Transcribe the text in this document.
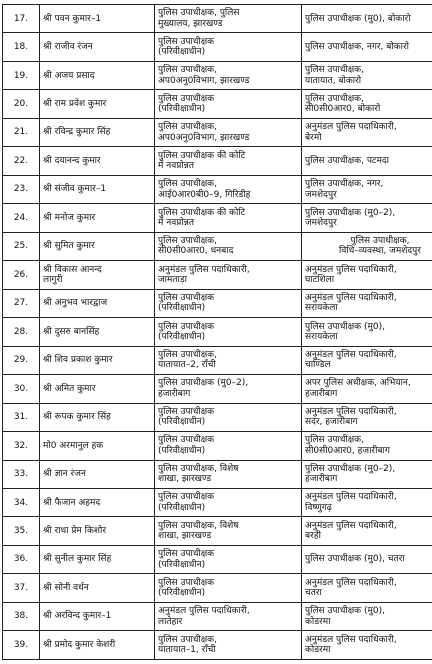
17.	श्री पवन कुमार–1	पुलिस उपाधीक्षक, पुलिस
मुख्यालय, झारखण्ड	पुलिस उपाधीक्षक (मु0), बोकारो

18.	श्री राजीव रंजन	पुलिस उपाधीक्षक
(परिवीक्षाधीन)	पुलिस उपाधीक्षक, नगर, बोकारो

19.	श्री अजय प्रसाद	पुलिस उपाधीक्षक,
अप0अनु0विभाग, झारखण्ड	पुलिस उपाधीक्षक,
यातायात, बोकारो

20.	श्री राम प्रवेश कुमार	पुलिस उपाधीक्षक
(परिवीक्षाधीन)	पुलिस उपाधीक्षक,
सी0सी0आर0, बोकारो

21.	श्री रविन्द्र कुमार सिंह	पुलिस उपाधीक्षक,
अप0अनु0विभाग, झारखण्ड	अनुमंडल पुलिस पदाधिकारी,
बेरमो

22.	श्री दयानन्द कुमार	पुलिस उपाधीक्षक की कोटि
में नवप्रोन्नत	पुलिस उपाधीक्षक, पटमदा

23.	श्री संजीव कुमार–1	पुलिस उपाधीक्षक,
आई0आर0बी0–9, गिरिडीह	पुलिस उपाधीक्षक, नगर,
जमशेदपुर

24.	श्री मनोज कुमार	पुलिस उपाधीक्षक की कोटि
में नवप्रोन्नत	पुलिस उपाधीक्षक (मु0–2),
जमशेदपुर

25.	श्री सुमित कुमार	पुलिस उपाधीक्षक,
सी0सी0आर0, धनबाद	पुलिस उपाधीक्षक,
विधि–व्यवस्था, जमशेदपुर

26.	श्री विकास आनन्द
लागुरी	अनुमंडल पुलिस पदाधिकारी,
जामताड़ा	अनुमंडल पुलिस पदाधिकारी,
घाटशिला

27.	श्री अनुभव भारद्वाज	पुलिस उपाधीक्षक
(परिवीक्षाधीन)	अनुमंडल पुलिस पदाधिकारी,
सरायकेला

28.	श्री दुसरु बानसिंह	पुलिस उपाधीक्षक
(परिवीक्षाधीन)	पुलिस उपाधीक्षक (मु0),
सरायकेला

29.	श्री शिव प्रकाश कुमार	पुलिस उपाधीक्षक,
यातायात–2, राँची	अनुमंडल पुलिस पदाधिकारी,
चाण्डिल

30.	श्री अमित कुमार	पुलिस उपाधीक्षक (मु0–2),
हजारीबाग	अपर पुलिस अधीक्षक, अभियान,
हजारीबाग

31.	श्री रूपक कुमार सिंह	पुलिस उपाधीक्षक
(परिवीक्षाधीन)	अनुमंडल पुलिस पदाधिकारी,
सदर, हजारीबाग

32.	मो0 अरमानुल हक	पुलिस उपाधीक्षक
(परिवीक्षाधीन)	पुलिस उपाधीक्षक,
सी0सी0आर0, हजारीबाग

33.	श्री ज्ञान रंजन	पुलिस उपाधीक्षक, विशेष
शाखा, झारखण्ड	पुलिस उपाधीक्षक (मु0–2),
हजारीबाग

34.	श्री फैजान अहमद	पुलिस उपाधीक्षक
(परिवीक्षाधीन)	अनुमंडल पुलिस पदाधिकारी,
विष्णुगढ़

35.	श्री राधा प्रेम किशोर	पुलिस उपाधीक्षक, विशेष
शाखा, झारखण्ड	अनुमंडल पुलिस पदाधिकारी,
बरही

36.	श्री सुनील कुमार सिंह	पुलिस उपाधीक्षक
(परिवीक्षाधीन)	पुलिस उपाधीक्षक (मु0), चतरा

37.	श्री सोनी वर्धन	पुलिस उपाधीक्षक
(परिवीक्षाधीन)	अनुमंडल पुलिस पदाधिकारी,
चतरा

38.	श्री अरविन्द कुमार–1	अनुमंडल पुलिस पदाधिकारी,
लातेहार	पुलिस उपाधीक्षक (मु0),
कोडरमा

39.	श्री प्रमोद कुमार केशरी	पुलिस उपाधीक्षक,
यातायात–1, राँची	अनुमंडल पुलिस पदाधिकारी,
कोडरमा
